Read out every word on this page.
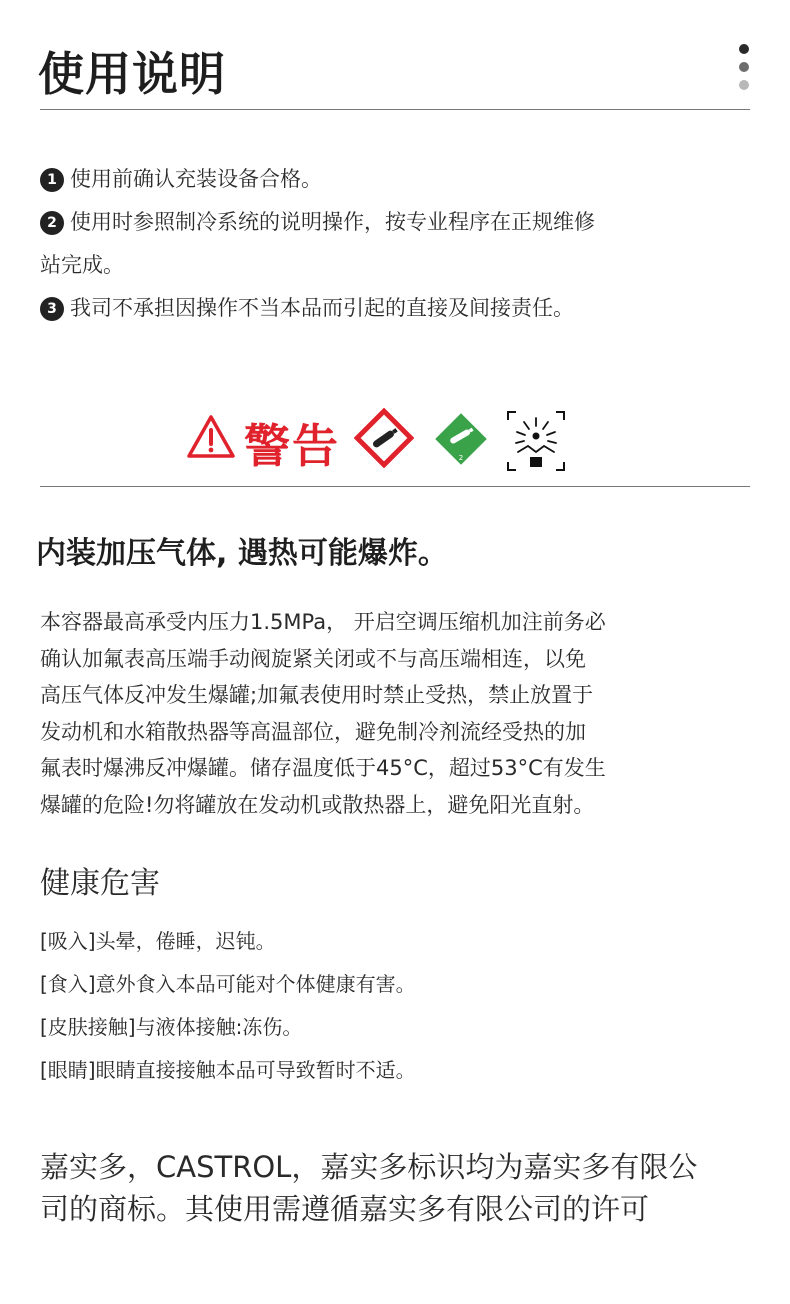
使用说明

1 使用前确认充装设备合格。

2 使用时参照制冷系统的说明操作，按专业程序在正规维修

站完成。

3 我司不承担因操作不当本品而引起的直接及间接责任。

警告	2
内装加压气体, 遇热可能爆炸。
本容器最高承受内压力1.5MPa， 开启空调压缩机加注前务必
确认加氟表高压端手动阀旋紧关闭或不与高压端相连，以免
高压气体反冲发生爆罐;加氟表使用时禁止受热，禁止放置于
发动机和水箱散热器等高温部位，避免制冷剂流经受热的加
氟表时爆沸反冲爆罐。储存温度低于45°C，超过53°C有发生
爆罐的危险!勿将罐放在发动机或散热器上，避免阳光直射。
健康危害

[吸入]头晕，倦睡，迟钝。

[食入]意外食入本品可能对个体健康有害。

[皮肤接触]与液体接触:冻伤。

[眼睛]眼睛直接接触本品可导致暂时不适。

嘉实多，CASTROL，嘉实多标识均为嘉实多有限公
司的商标。其使用需遵循嘉实多有限公司的许可
